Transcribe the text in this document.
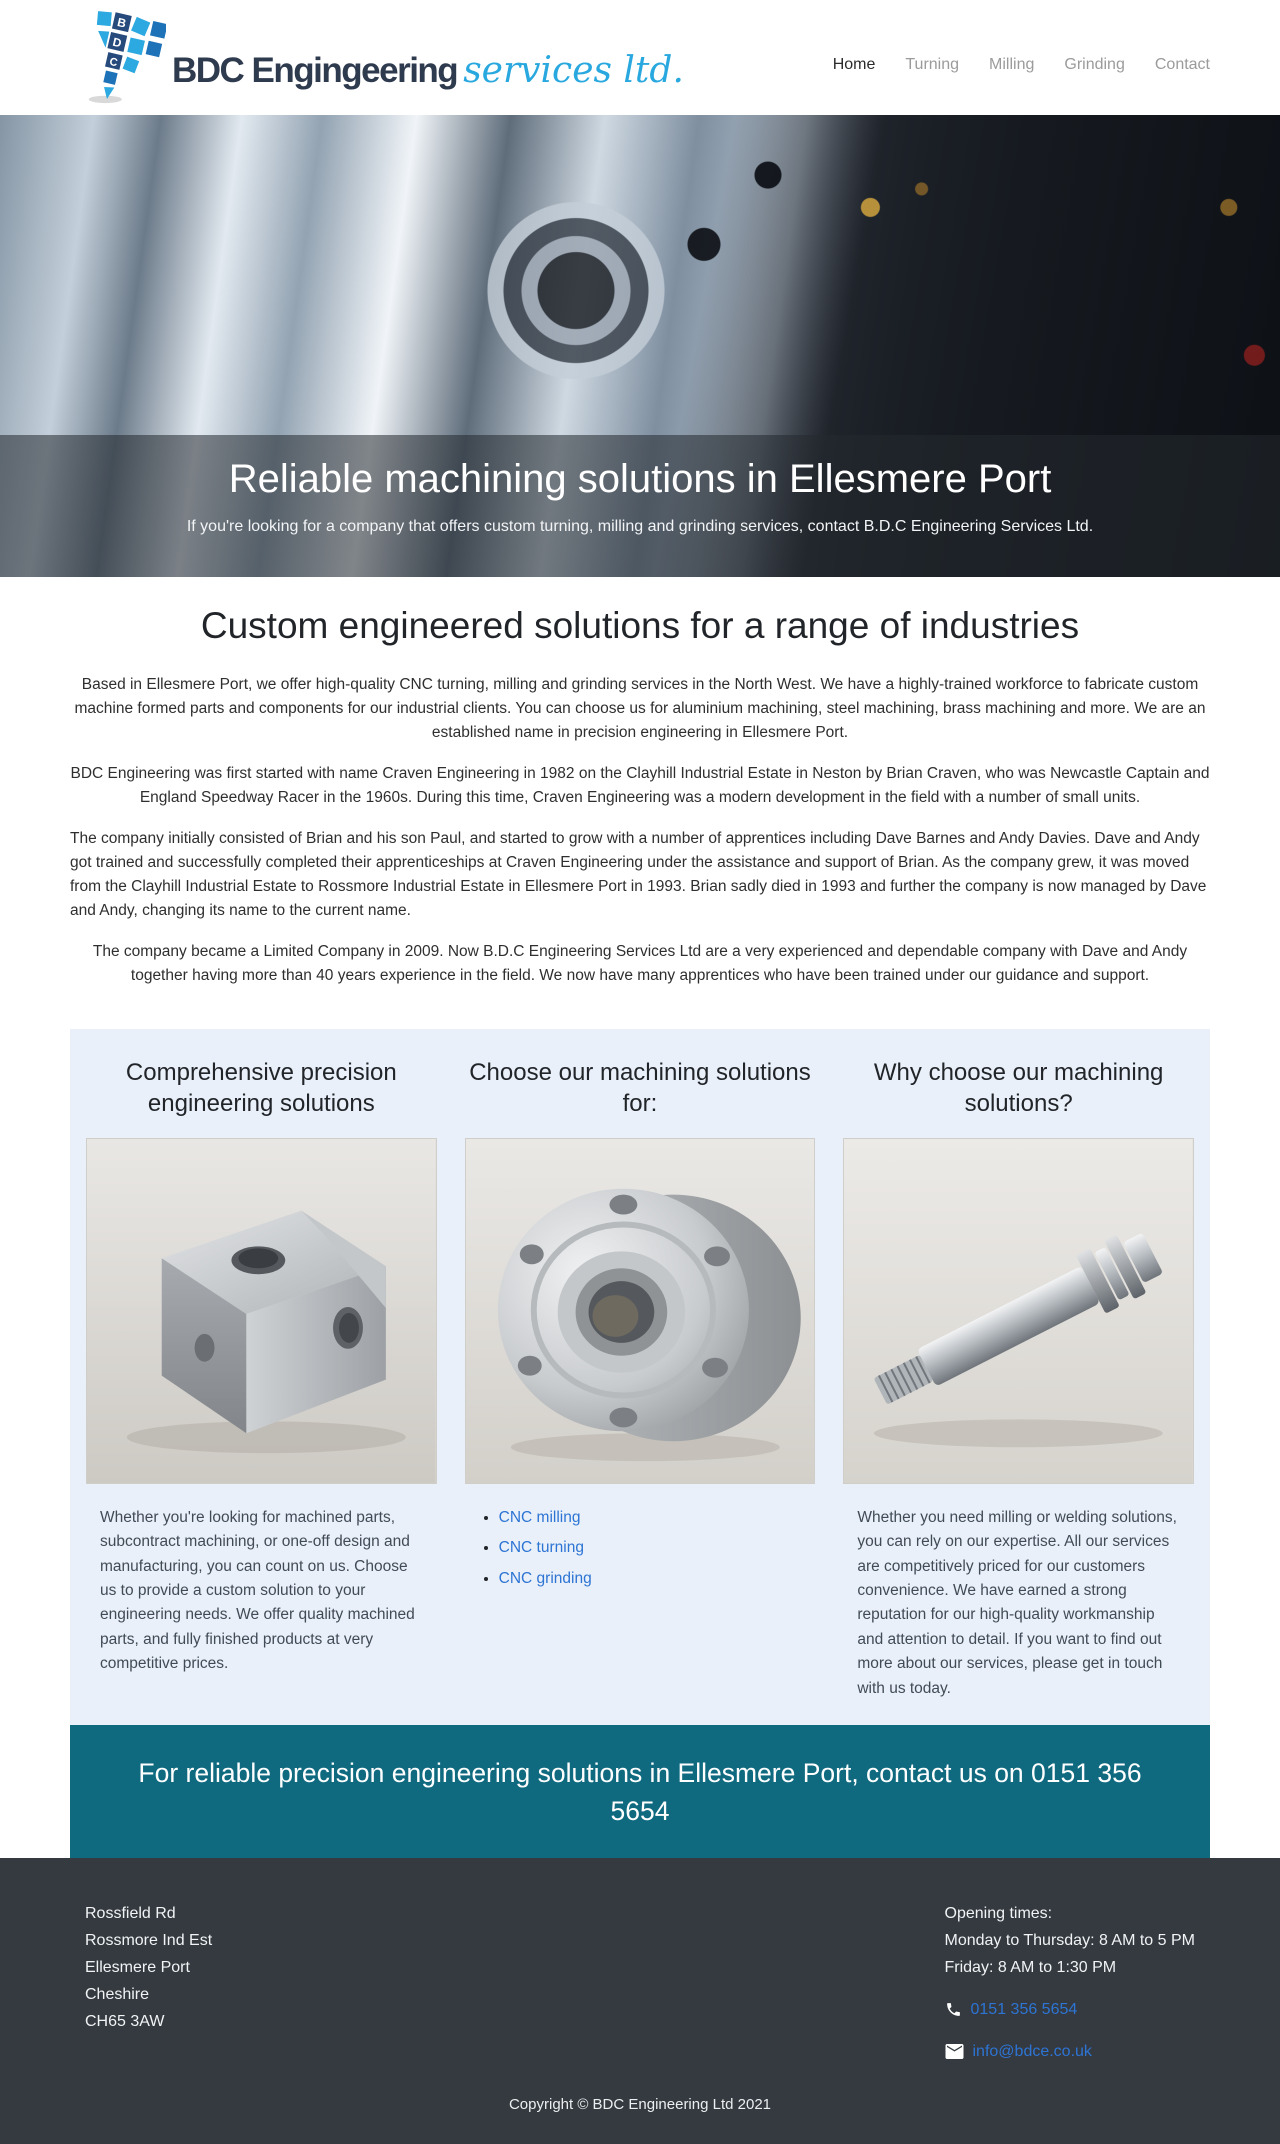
B
D
C BDC Engingeering services ltd.	Home Turning Milling Grinding Contact
Reliable machining solutions in Ellesmere Port

If you're looking for a company that offers custom turning, milling and grinding services, contact B.D.C Engineering Services Ltd.

Custom engineered solutions for a range of industries

Based in Ellesmere Port, we offer high-quality CNC turning, milling and grinding services in the North West. We have a highly-trained workforce to fabricate custom machine formed parts and components for our industrial clients. You can choose us for aluminium machining, steel machining, brass machining and more. We are an established name in precision engineering in Ellesmere Port.

BDC Engineering was first started with name Craven Engineering in 1982 on the Clayhill Industrial Estate in Neston by Brian Craven, who was Newcastle Captain and England Speedway Racer in the 1960s. During this time, Craven Engineering was a modern development in the field with a number of small units.

The company initially consisted of Brian and his son Paul, and started to grow with a number of apprentices including Dave Barnes and Andy Davies. Dave and Andy got trained and successfully completed their apprenticeships at Craven Engineering under the assistance and support of Brian. As the company grew, it was moved from the Clayhill Industrial Estate to Rossmore Industrial Estate in Ellesmere Port in 1993. Brian sadly died in 1993 and further the company is now managed by Dave and Andy, changing its name to the current name.

The company became a Limited Company in 2009. Now B.D.C Engineering Services Ltd are a very experienced and dependable company with Dave and Andy together having more than 40 years experience in the field. We now have many apprentices who have been trained under our guidance and support.

Comprehensive precision engineering solutions

Whether you're looking for machined parts, subcontract machining, or one-off design and manufacturing, you can count on us. Choose us to provide a custom solution to your engineering needs. We offer quality machined parts, and fully finished products at very competitive prices.

Choose our machining solutions for:
• CNC milling
• CNC turning
• CNC grinding
Why choose our machining solutions?

Whether you need milling or welding solutions, you can rely on our expertise. All our services are competitively priced for our customers convenience. We have earned a strong reputation for our high-quality workmanship and attention to detail. If you want to find out more about our services, please get in touch with us today.

For reliable precision engineering solutions in Ellesmere Port, contact us on 0151 356 5654
Rossfield Rd
Rossmore Ind Est
Ellesmere Port
Cheshire
CH65 3AW
Opening times:
Monday to Thursday: 8 AM to 5 PM
Friday: 8 AM to 1:30 PM
0151 356 5654
info@bdce.co.uk
Copyright © BDC Engineering Ltd 2021
